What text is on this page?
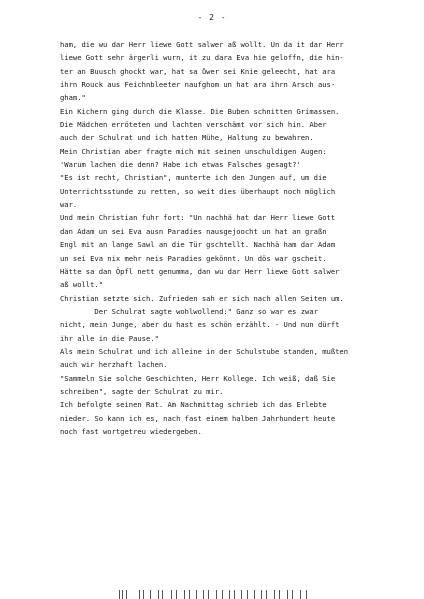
- 2 -
ham, die wu dar Herr liewe Gott salwer aß wollt. Un da it dar Herr
liewe Gott sehr ärgerli wurn, it zu dara Eva hie geloffn, die hin-
ter an Buusch ghockt war, hat sa ůwer sei Knie geleecht, hat ara
ihrn Rouck aus Feichnbleeter naufghom un hat ara ihrn Arsch aus-
gham."
Ein Kichern ging durch die Klasse. Die Buben schnitten Grimassen.
Die Mädchen erröteten und lachten verschämt vor sich hin. Aber
auch der Schulrat und ich hatten Mühe, Haltung zu bewahren.
Mein Christian aber fragte mich mit seinen unschuldigen Augen:
'Warum lachen die denn? Habe ich etwas Falsches gesagt?'
"Es ist recht, Christian", munterte ich den Jungen auf, um die
Unterrichtsstunde zu retten, so weit dies überhaupt noch möglich
war.
Und mein Christian fuhr fort: "Un nachhä hat dar Herr liewe Gott
dan Adam un sei Eva ausn Paradies nausgejoocht un hat an graßn
Engl mit an lange Sawl an die Tür gschtellt. Nachhä ham dar Adam
un sei Eva nix mehr neis Paradies gekönnt. Un dös war gscheit.
Hätte sa dan Öpfl nett genumma, dan wu dar Herr liewe Gott salwer
aß wollt."
Christian setzte sich. Zufrieden sah er sich nach allen Seiten um.
Der Schulrat sagte wohlwollend:" Ganz so war es zwar
nicht, mein Junge, aber du hast es schön erzählt. - Und nun dürft
ihr alle in die Pause."
Als mein Schulrat und ich alleine in der Schulstube standen, mußten
auch wir herzhaft lachen.
"Sammeln Sie solche Geschichten, Herr Kollege. Ich weiß, daß Sie
schreiben", sagte der Schulrat zu mir.
Ich befolgte seinen Rat. Am Nachmittag schrieb ich das Erlebte
nieder. So kann ich es, nach fast einem halben Jahrhundert heute
noch fast wortgetreu wiedergeben.
